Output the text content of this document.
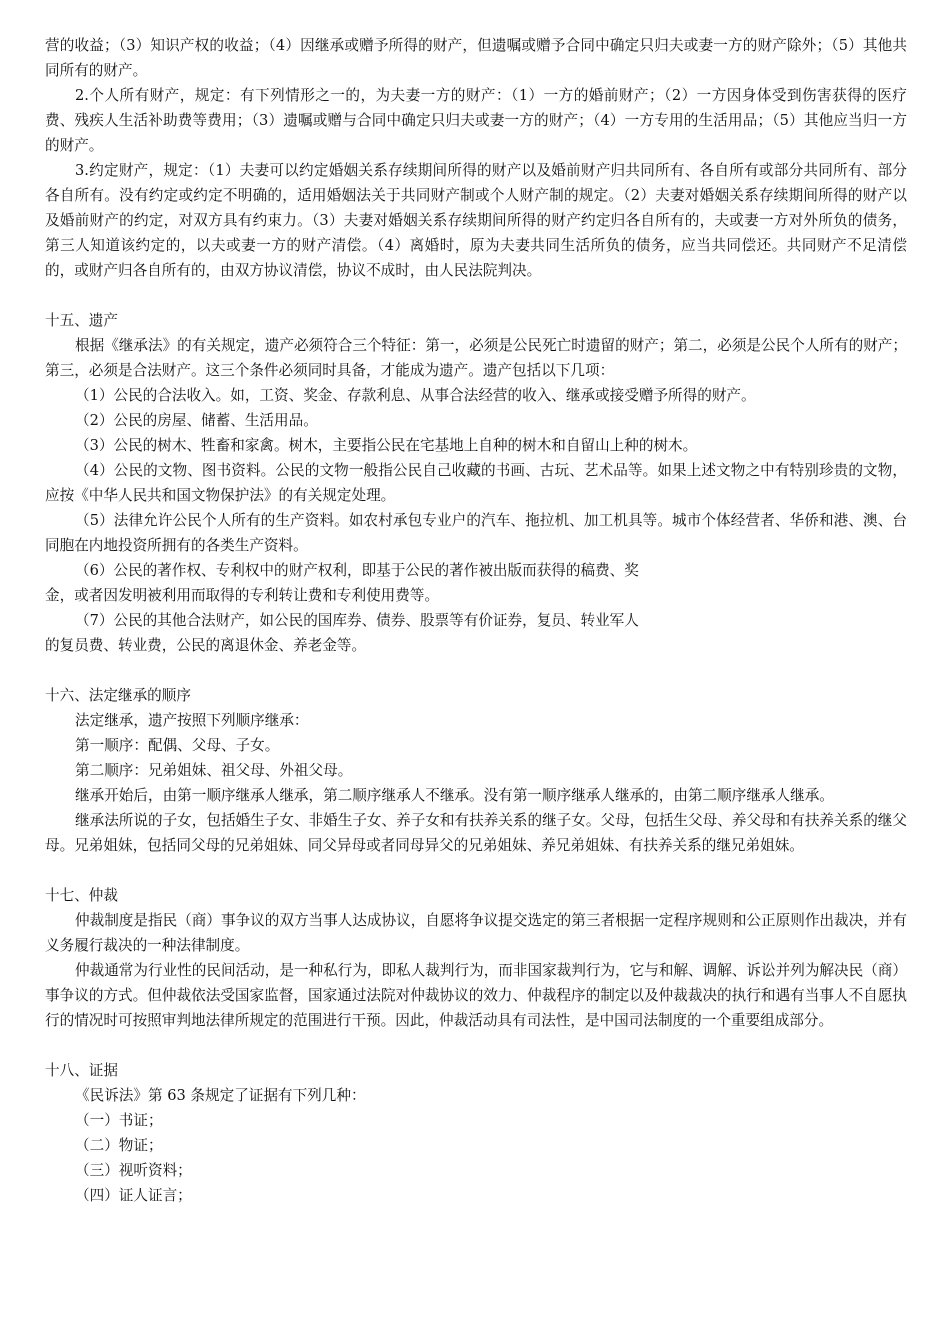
营的收益；（3）知识产权的收益；（4）因继承或赠予所得的财产，但遗嘱或赠予合同中确定只归夫或妻一方的财产除外；（5）其他共同所有的财产。

2.个人所有财产，规定：有下列情形之一的，为夫妻一方的财产：（1）一方的婚前财产；（2）一方因身体受到伤害获得的医疗费、残疾人生活补助费等费用；（3）遗嘱或赠与合同中确定只归夫或妻一方的财产；（4）一方专用的生活用品；（5）其他应当归一方的财产。

3.约定财产，规定：（1）夫妻可以约定婚姻关系存续期间所得的财产以及婚前财产归共同所有、各自所有或部分共同所有、部分各自所有。没有约定或约定不明确的，适用婚姻法关于共同财产制或个人财产制的规定。（2）夫妻对婚姻关系存续期间所得的财产以及婚前财产的约定，对双方具有约束力。（3）夫妻对婚姻关系存续期间所得的财产约定归各自所有的，夫或妻一方对外所负的债务，第三人知道该约定的，以夫或妻一方的财产清偿。（4）离婚时，原为夫妻共同生活所负的债务，应当共同偿还。共同财产不足清偿的，或财产归各自所有的，由双方协议清偿，协议不成时，由人民法院判决。

十五、遗产

根据《继承法》的有关规定，遗产必须符合三个特征：第一，必须是公民死亡时遗留的财产；第二，必须是公民个人所有的财产；第三，必须是合法财产。这三个条件必须同时具备，才能成为遗产。遗产包括以下几项：

（1）公民的合法收入。如，工资、奖金、存款利息、从事合法经营的收入、继承或接受赠予所得的财产。

（2）公民的房屋、储蓄、生活用品。

（3）公民的树木、牲畜和家禽。树木，主要指公民在宅基地上自种的树木和自留山上种的树木。

（4）公民的文物、图书资料。公民的文物一般指公民自己收藏的书画、古玩、艺术品等。如果上述文物之中有特别珍贵的文物，应按《中华人民共和国文物保护法》的有关规定处理。

（5）法律允许公民个人所有的生产资料。如农村承包专业户的汽车、拖拉机、加工机具等。城市个体经营者、华侨和港、澳、台同胞在内地投资所拥有的各类生产资料。

（6）公民的著作权、专利权中的财产权利，即基于公民的著作被出版而获得的稿费、奖

金，或者因发明被利用而取得的专利转让费和专利使用费等。

（7）公民的其他合法财产，如公民的国库券、债券、股票等有价证券，复员、转业军人

的复员费、转业费，公民的离退休金、养老金等。

十六、法定继承的顺序

法定继承，遗产按照下列顺序继承：

第一顺序：配偶、父母、子女。

第二顺序：兄弟姐妹、祖父母、外祖父母。

继承开始后，由第一顺序继承人继承，第二顺序继承人不继承。没有第一顺序继承人继承的，由第二顺序继承人继承。

继承法所说的子女，包括婚生子女、非婚生子女、养子女和有扶养关系的继子女。父母，包括生父母、养父母和有扶养关系的继父母。兄弟姐妹，包括同父母的兄弟姐妹、同父异母或者同母异父的兄弟姐妹、养兄弟姐妹、有扶养关系的继兄弟姐妹。

十七、仲裁

仲裁制度是指民（商）事争议的双方当事人达成协议，自愿将争议提交选定的第三者根据一定程序规则和公正原则作出裁决，并有义务履行裁决的一种法律制度。

仲裁通常为行业性的民间活动，是一种私行为，即私人裁判行为，而非国家裁判行为，它与和解、调解、诉讼并列为解决民（商）事争议的方式。但仲裁依法受国家监督，国家通过法院对仲裁协议的效力、仲裁程序的制定以及仲裁裁决的执行和遇有当事人不自愿执行的情况时可按照审判地法律所规定的范围进行干预。因此，仲裁活动具有司法性，是中国司法制度的一个重要组成部分。

十八、证据

《民诉法》第 63 条规定了证据有下列几种：

（一）书证；

（二）物证；

（三）视听资料；

（四）证人证言；
